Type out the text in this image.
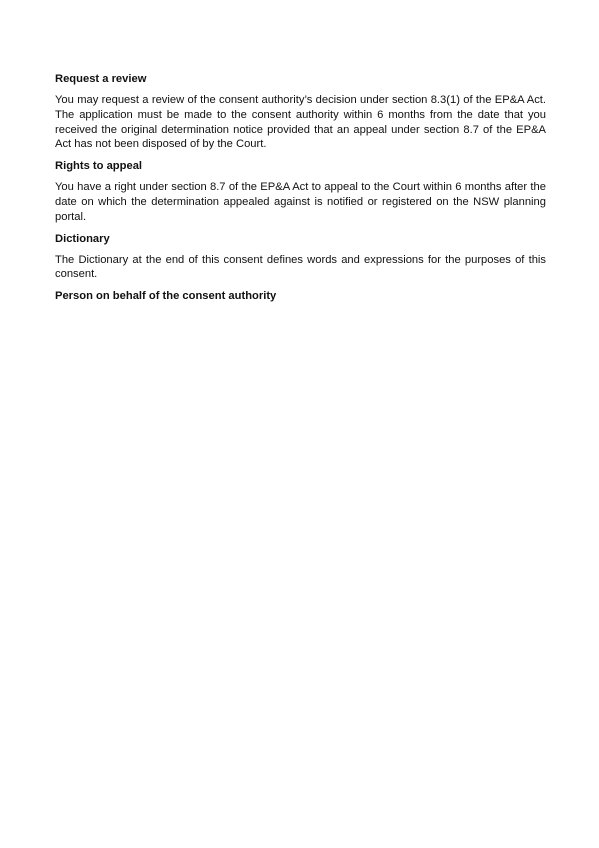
Request a review
You may request a review of the consent authority’s decision under section 8.3(1) of the EP&A Act. The application must be made to the consent authority within 6 months from the date that you received the original determination notice provided that an appeal under section 8.7 of the EP&A Act has not been disposed of by the Court.
Rights to appeal
You have a right under section 8.7 of the EP&A Act to appeal to the Court within 6 months after the date on which the determination appealed against is notified or registered on the NSW planning portal.
Dictionary
The Dictionary at the end of this consent defines words and expressions for the purposes of this consent.
Person on behalf of the consent authority
